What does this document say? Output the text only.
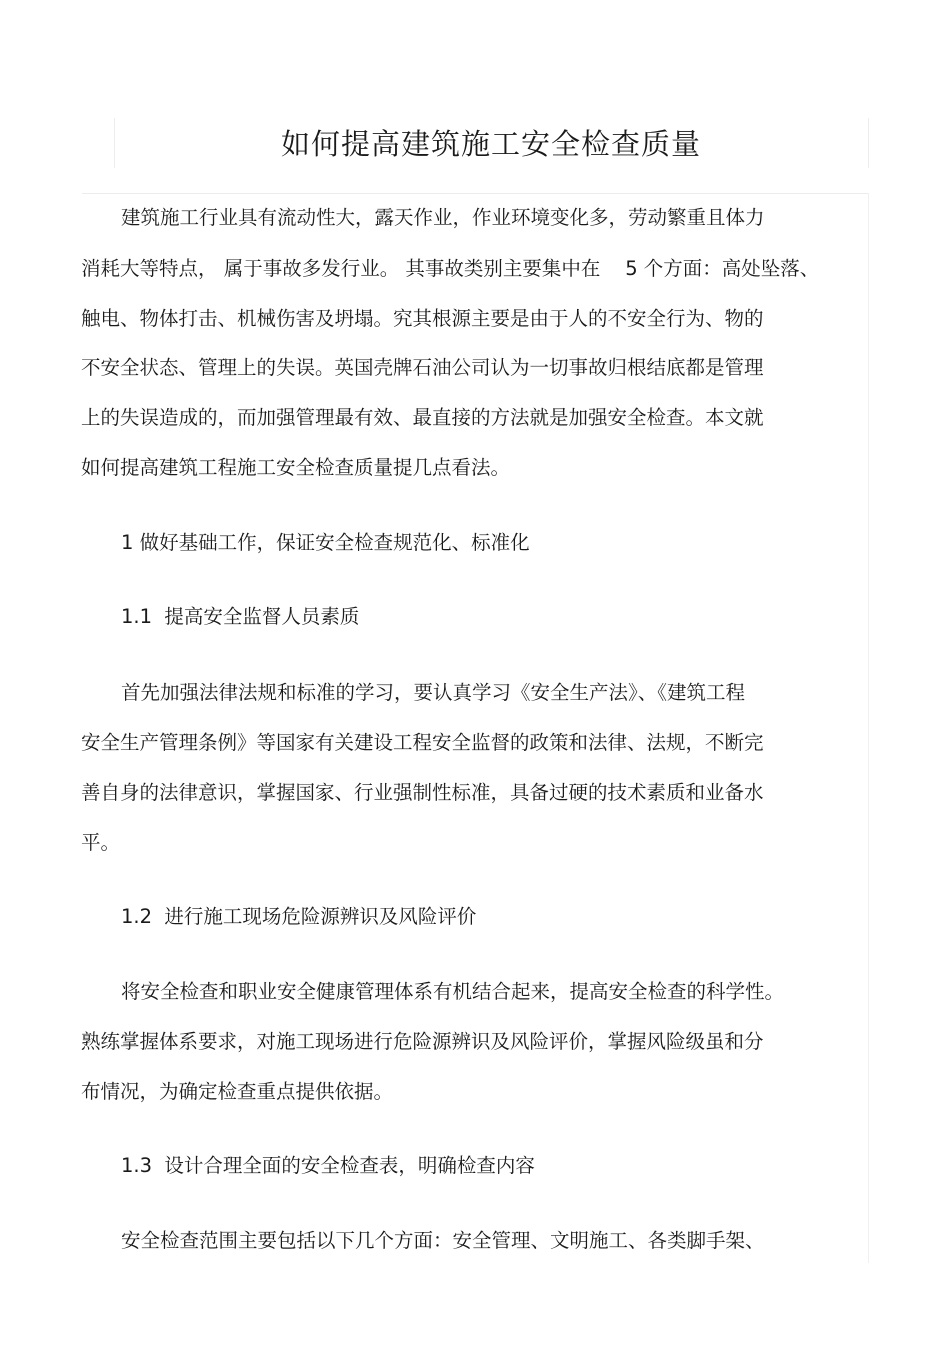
如何提高建筑施工安全检查质量
建筑施工行业具有流动性大，露天作业，作业环境变化多，劳动繁重且体力
消耗大等特点， 属于事故多发行业。 其事故类别主要集中在    5 个方面：高处坠落、
触电、物体打击、机械伤害及坍塌。究其根源主要是由于人的不安全行为、物的
不安全状态、管理上的失误。英国壳牌石油公司认为一切事故归根结底都是管理
上的失误造成的，而加强管理最有效、最直接的方法就是加强安全检查。本文就
如何提高建筑工程施工安全检查质量提几点看法。
1 做好基础工作，保证安全检查规范化、标准化
1.1  提高安全监督人员素质
首先加强法律法规和标准的学习，要认真学习《安全生产法》、《建筑工程
安全生产管理条例》等国家有关建设工程安全监督的政策和法律、法规，不断完
善自身的法律意识，掌握国家、行业强制性标准，具备过硬的技术素质和业备水
平。
1.2  进行施工现场危险源辨识及风险评价
将安全检查和职业安全健康管理体系有机结合起来，提高安全检查的科学性。
熟练掌握体系要求，对施工现场进行危险源辨识及风险评价，掌握风险级虽和分
布情况，为确定检查重点提供依据。
1.3  设计合理全面的安全检查表，明确检查内容
安全检查范围主要包括以下几个方面：安全管理、文明施工、各类脚手架、
